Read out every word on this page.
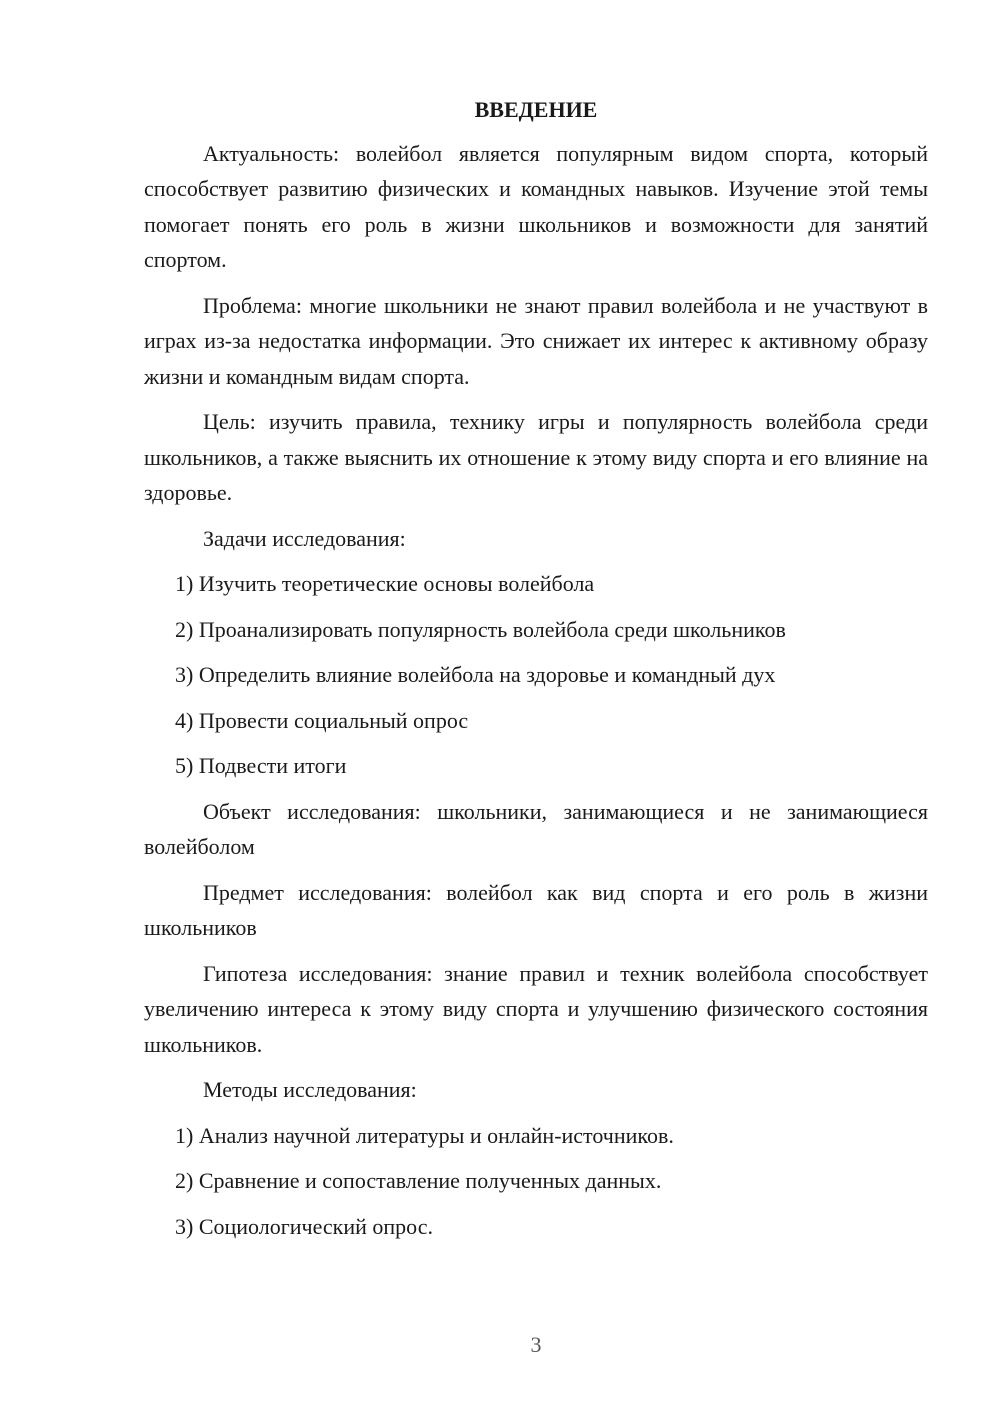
ВВЕДЕНИЕ

Актуальность: волейбол является популярным видом спорта, который способствует развитию физических и командных навыков. Изучение этой темы помогает понять его роль в жизни школьников и возможности для занятий спортом.

Проблема: многие школьники не знают правил волейбола и не участвуют в играх из-за недостатка информации. Это снижает их интерес к активному образу жизни и командным видам спорта.

Цель: изучить правила, технику игры и популярность волейбола среди школьников, а также выяснить их отношение к этому виду спорта и его влияние на здоровье.

Задачи исследования:

1) Изучить теоретические основы волейбола
2) Проанализировать популярность волейбола среди школьников
3) Определить влияние волейбола на здоровье и командный дух
4) Провести социальный опрос
5) Подвести итоги

Объект исследования: школьники, занимающиеся и не занимающиеся волейболом

Предмет исследования: волейбол как вид спорта и его роль в жизни школьников

Гипотеза исследования: знание правил и техник волейбола способствует увеличению интереса к этому виду спорта и улучшению физического состояния школьников.

Методы исследования:

1) Анализ научной литературы и онлайн-источников.
2) Сравнение и сопоставление полученных данных.
3) Социологический опрос.
3
